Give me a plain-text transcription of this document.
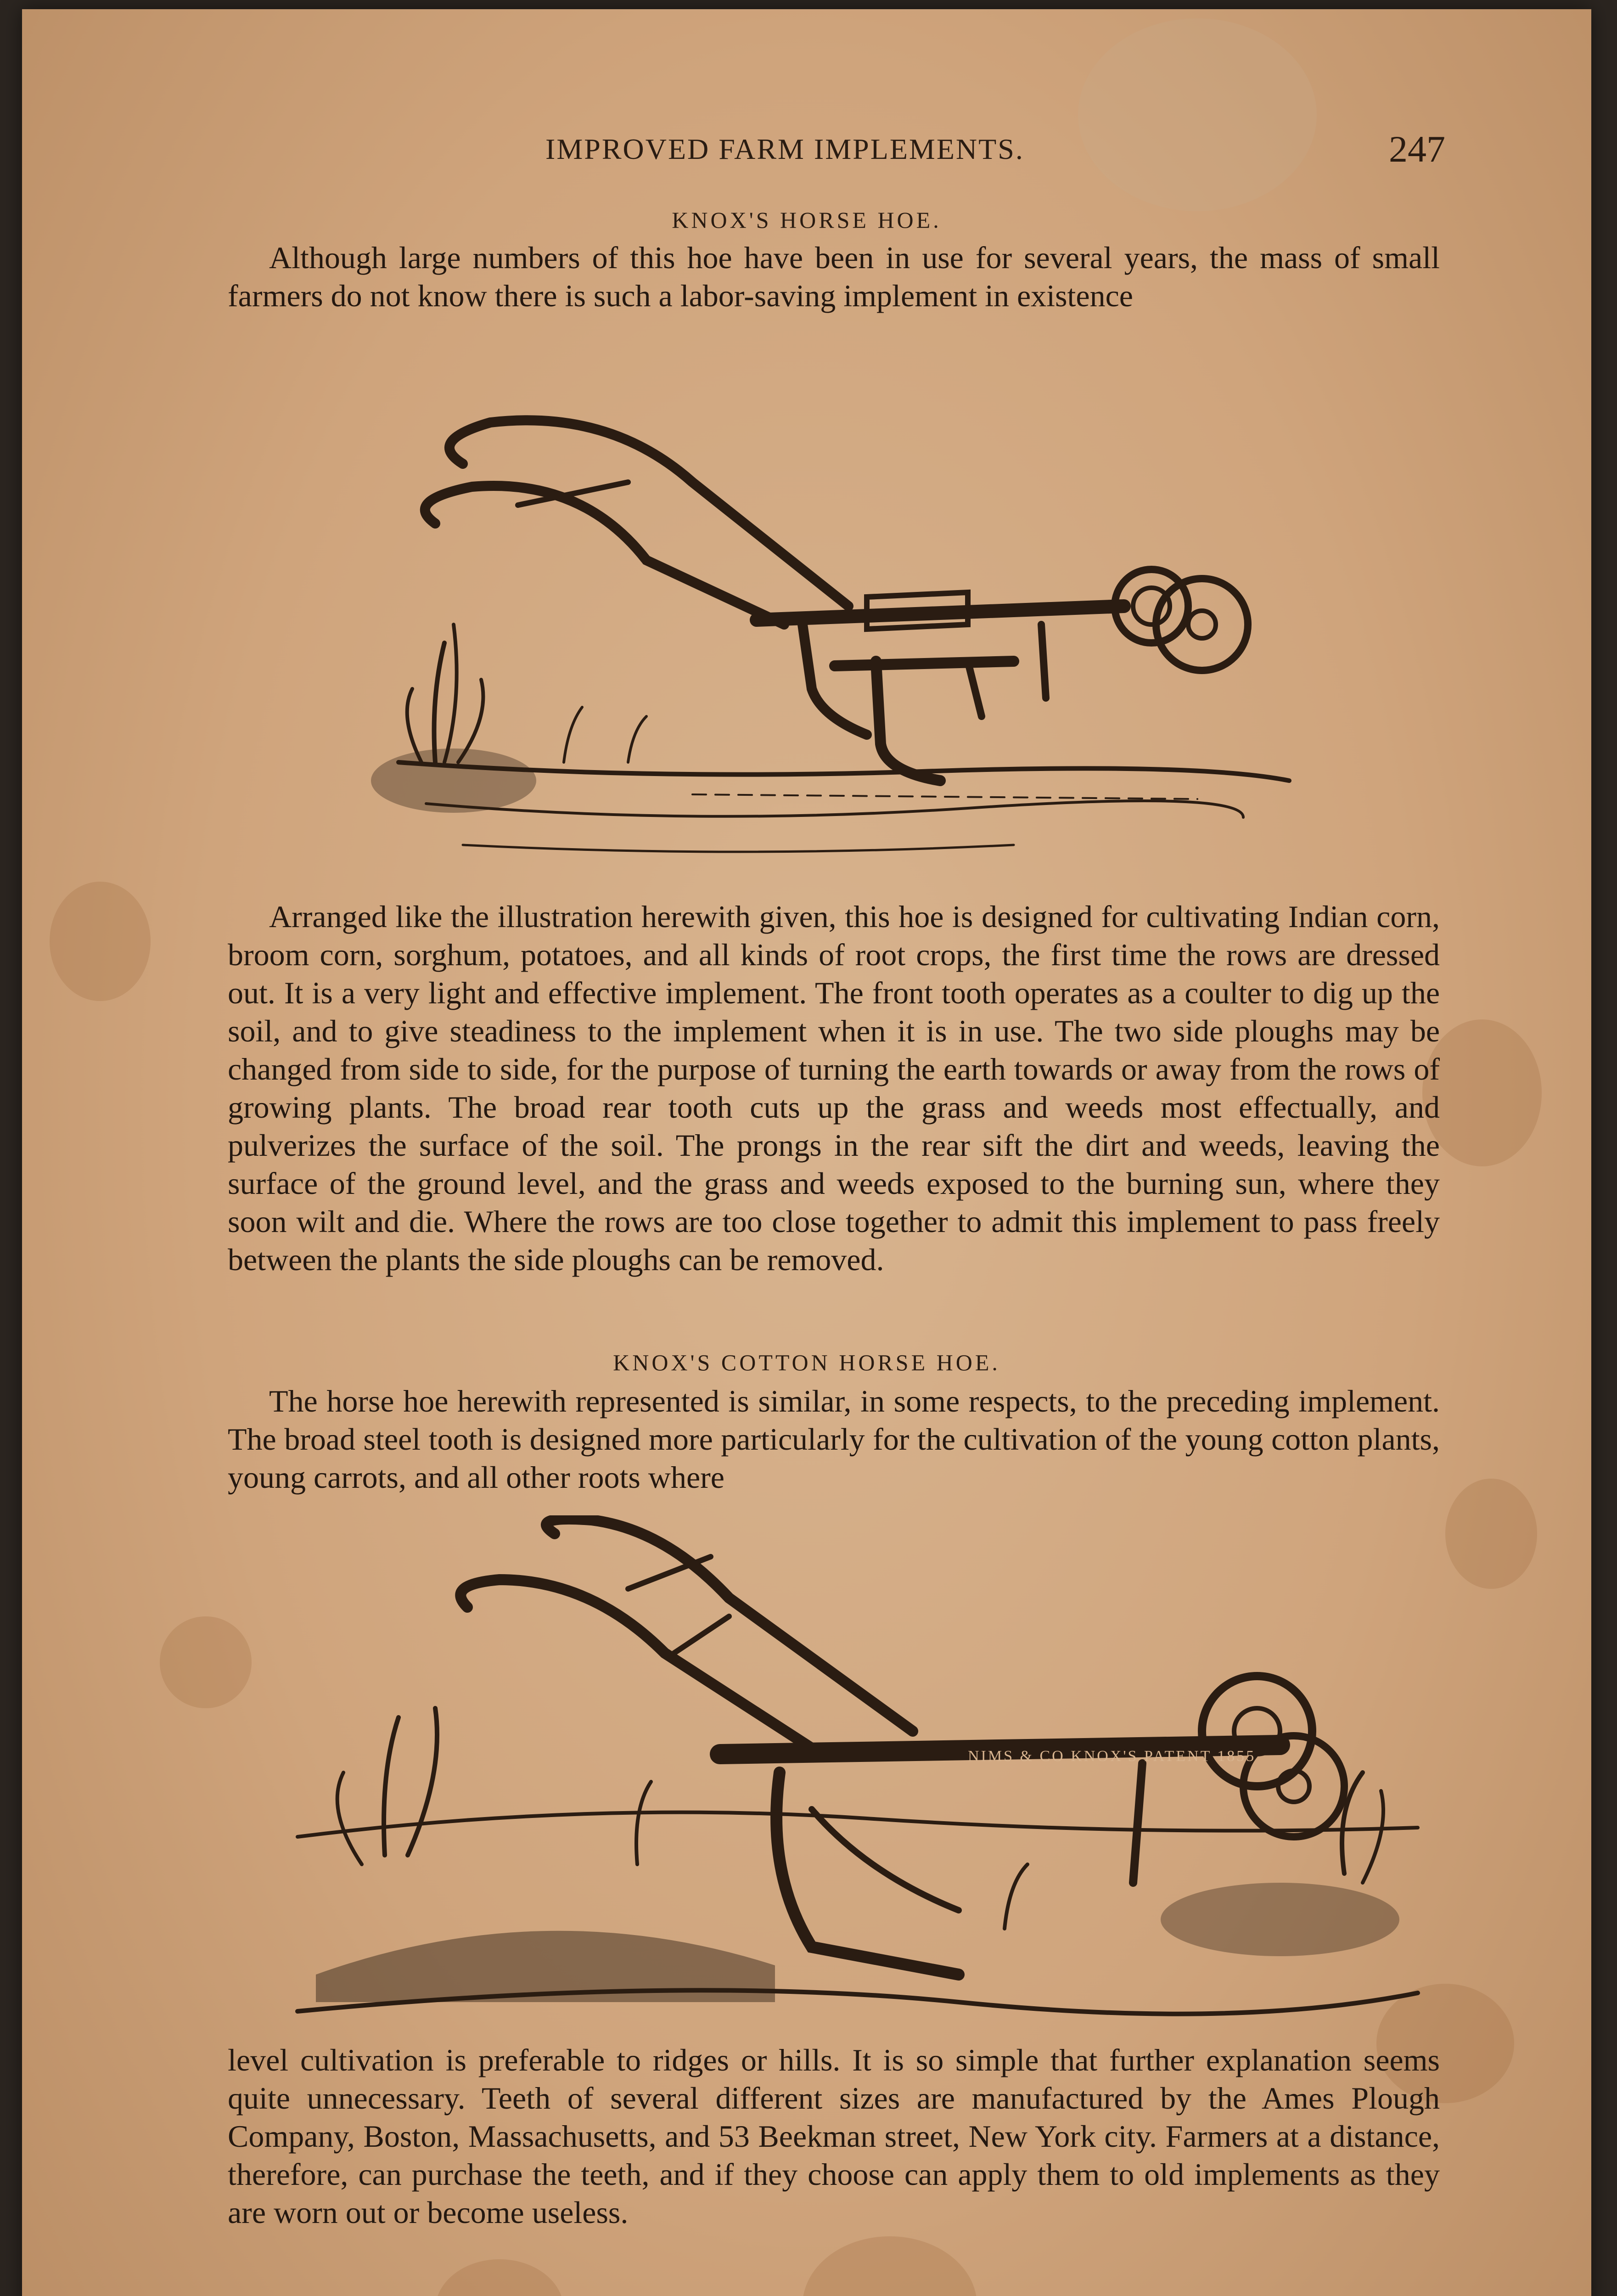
IMPROVED FARM IMPLEMENTS.	247
KNOX'S HORSE HOE.

Although large numbers of this hoe have been in use for several years, the mass of small farmers do not know there is such a labor-saving implement in existence

Arranged like the illustration herewith given, this hoe is designed for cultivating Indian corn, broom corn, sorghum, potatoes, and all kinds of root crops, the first time the rows are dressed out. It is a very light and effective implement. The front tooth operates as a coulter to dig up the soil, and to give steadiness to the implement when it is in use. The two side ploughs may be changed from side to side, for the purpose of turning the earth towards or away from the rows of growing plants. The broad rear tooth cuts up the grass and weeds most effectually, and pulverizes the surface of the soil. The prongs in the rear sift the dirt and weeds, leaving the surface of the ground level, and the grass and weeds exposed to the burning sun, where they soon wilt and die. Where the rows are too close together to admit this implement to pass freely between the plants the side ploughs can be removed.

KNOX'S COTTON HORSE HOE.

The horse hoe herewith represented is similar, in some respects, to the preceding implement. The broad steel tooth is designed more particularly for the cultivation of the young cotton plants, young carrots, and all other roots where

NIMS & CO KNOX'S PATENT 1855

level cultivation is preferable to ridges or hills. It is so simple that further explanation seems quite unnecessary. Teeth of several different sizes are manufactured by the Ames Plough Company, Boston, Massachusetts, and 53 Beekman street, New York city. Farmers at a distance, therefore, can purchase the teeth, and if they choose can apply them to old implements as they are worn out or become useless.
